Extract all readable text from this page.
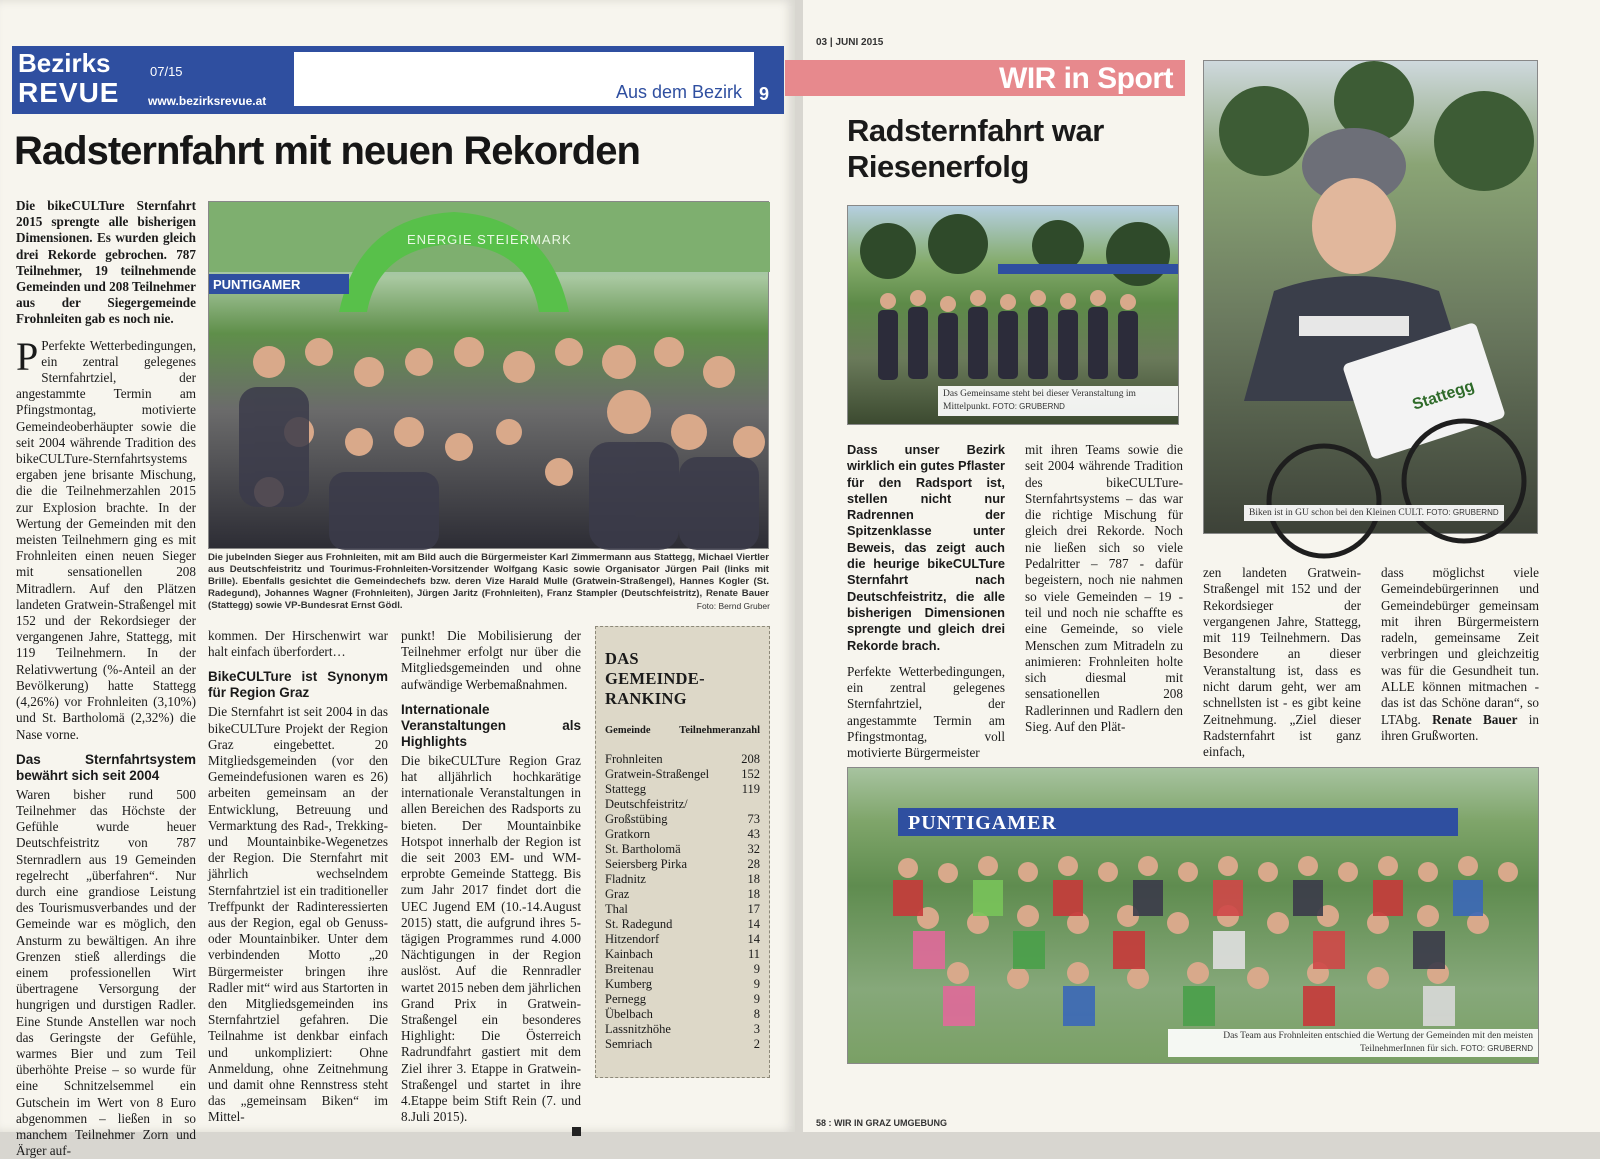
Bezirks
REVUE
07/15
www.bezirksrevue.at	Aus dem Bezirk 9
Radsternfahrt mit neuen Rekorden

Die bikeCULTure Sternfahrt 2015 sprengte alle bisherigen Dimensionen. Es wurden gleich drei Rekorde gebrochen. 787 Teilnehmer, 19 teilnehmende Gemeinden und 208 Teilnehmer aus der Siegergemeinde Frohnleiten gab es noch nie.

P Perfekte Wetterbedingungen, ein zentral gelegenes Sternfahrtziel, der angestammte Termin am Pfingstmontag, motivierte Gemeindeoberhäupter sowie die seit 2004 währende Tradition des bikeCULTure-Sternfahrtsystems ergaben jene brisante Mischung, die die Teilnehmerzahlen 2015 zur Explosion brachte. In der Wertung der Gemeinden mit den meisten Teilnehmern ging es mit Frohnleiten einen neuen Sieger mit sensationellen 208 Mitradlern. Auf den Plätzen landeten Gratwein-Straßengel mit 152 und der Rekordsieger der vergangenen Jahre, Stattegg, mit 119 Teilnehmern. In der Relativwertung (%-Anteil an der Bevölkerung) hatte Stattegg (4,26%) vor Frohnleiten (3,10%) und St. Bartholomä (2,32%) die Nase vorne.

Das Sternfahrtsystem bewährt sich seit 2004

Waren bisher rund 500 Teilnehmer das Höchste der Gefühle wurde heuer Deutschfeistritz von 787 Sternradlern aus 19 Gemeinden regelrecht „überfahren“. Nur durch eine grandiose Leistung des Tourismusverbandes und der Gemeinde war es möglich, den Ansturm zu bewältigen. An ihre Grenzen stieß allerdings die einem professionellen Wirt übertragene Versorgung der hungrigen und durstigen Radler. Eine Stunde Anstellen war noch das Geringste der Gefühle, warmes Bier und zum Teil überhöhte Preise – so wurde für eine Schnitzelsemmel ein Gutschein im Wert von 8 Euro abgenommen – ließen in so manchem Teilnehmer Zorn und Ärger auf-

PUNTIGAMER
ENERGIE STEIERMARK
Die jubelnden Sieger aus Frohnleiten, mit am Bild auch die Bürgermeister Karl Zimmermann aus Stattegg, Michael Viertler aus Deutschfeistritz und Tourimus-Frohnleiten-Vorsitzender Wolfgang Kasic sowie Organisator Jürgen Pail (links mit Brille). Ebenfalls gesichtet die Gemeindechefs bzw. deren Vize Harald Mulle (Gratwein-Straßengel), Hannes Kogler (St. Radegund), Johannes Wagner (Frohnleiten), Jürgen Jaritz (Frohnleiten), Franz Stampler (Deutschfeistritz), Renate Bauer (Stattegg) sowie VP-Bundesrat Ernst Gödl.	Foto: Bernd Gruber

kommen. Der Hirschenwirt war halt einfach überfordert…

BikeCULTure ist Synonym für Region Graz

Die Sternfahrt ist seit 2004 in das bikeCULTure Projekt der Region Graz eingebettet. 20 Mitgliedsgemeinden (vor den Gemeindefusionen waren es 26) arbeiten gemeinsam an der Entwicklung, Betreuung und Vermarktung des Rad-, Trekking- und Mountainbike-Wegenetzes der Region. Die Sternfahrt mit jährlich wechselndem Sternfahrtziel ist ein traditioneller Treffpunkt der Radinteressierten aus der Region, egal ob Genuss- oder Mountainbiker. Unter dem verbindenden Motto „20 Bürgermeister bringen ihre Radler mit“ wird aus Startorten in den Mitgliedsgemeinden ins Sternfahrtziel gefahren. Die Teilnahme ist denkbar einfach und unkompliziert: Ohne Anmeldung, ohne Zeitnehmung und damit ohne Rennstress steht das „gemeinsam Biken“ im Mittel-

punkt! Die Mobilisierung der Teilnehmer erfolgt nur über die Mitgliedsgemeinden und ohne aufwändige Werbemaßnahmen.

Internationale Veranstaltungen als Highlights

Die bikeCULTure Region Graz hat alljährlich hochkarätige internationale Veranstaltungen in allen Bereichen des Radsports zu bieten. Der Mountainbike Hotspot innerhalb der Region ist die seit 2003 EM- und WM-erprobte Gemeinde Stattegg. Bis zum Jahr 2017 findet dort die UEC Jugend EM (10.-14.August 2015) statt, die aufgrund ihres 5-tägigen Programmes rund 4.000 Nächtigungen in der Region auslöst. Auf die Rennradler wartet 2015 neben dem jährlichen Grand Prix in Gratwein-Straßengel ein besonderes Highlight: Die Österreich Radrundfahrt gastiert mit dem Ziel ihrer 3. Etappe in Gratwein-Straßengel und startet in ihre 4.Etappe beim Stift Rein (7. und 8.Juli 2015).

DAS GEMEINDE-RANKING
Gemeinde	Teilnehmeranzahl
Frohnleiten	208
Gratwein-Straßengel	152
Stattegg	119
Deutschfeistritz/	
Großstübing	73
Gratkorn	43
St. Bartholomä	32
Seiersberg Pirka	28
Fladnitz	18
Graz	18
Thal	17
St. Radegund	14
Hitzendorf	14
Kainbach	11
Breitenau	9
Kumberg	9
Pernegg	9
Übelbach	8
Lassnitzhöhe	3
Semriach	2
03 | JUNI 2015
WIR in Sport
Radsternfahrt war
Riesenerfolg
Das Gemeinsame steht bei dieser Veranstaltung im Mittelpunkt. FOTO: GRUBERND	Stattegg
Biken ist in GU schon bei den Kleinen CULT. FOTO: GRUBERND

Dass unser Bezirk wirklich ein gutes Pflaster für den Radsport ist, stellen nicht nur Radrennen der Spitzenklasse unter Beweis, das zeigt auch die heurige bikeCULTure Sternfahrt nach Deutschfeistritz, die alle bisherigen Dimensionen sprengte und gleich drei Rekorde brach.

Perfekte Wetterbedingungen, ein zentral gelegenes Sternfahrtziel, der angestammte Termin am Pfingstmontag, voll motivierte Bürgermeister

mit ihren Teams sowie die seit 2004 währende Tradition des bikeCULTure-Sternfahrtsystems – das war die richtige Mischung für gleich drei Rekorde. Noch nie ließen sich so viele Pedalritter – 787 - dafür begeistern, noch nie nahmen so viele Gemeinden – 19 - teil und noch nie schaffte es eine Gemeinde, so viele Menschen zum Mitradeln zu animieren: Frohnleiten holte sich diesmal mit sensationellen 208 Radlerinnen und Radlern den Sieg. Auf den Plät-

zen landeten Gratwein-Straßengel mit 152 und der Rekordsieger der vergangenen Jahre, Stattegg, mit 119 Teilnehmern. Das Besondere an dieser Veranstaltung ist, dass es nicht darum geht, wer am schnellsten ist - es gibt keine Zeitnehmung. „Ziel dieser Radsternfahrt ist ganz einfach,

dass möglichst viele Gemeindebürgerinnen und Gemeindebürger gemeinsam mit ihren Bürgermeistern radeln, gemeinsame Zeit verbringen und gleichzeitig was für die Gesundheit tun. ALLE können mitmachen - das ist das Schöne daran“, so LTAbg. Renate Bauer in ihren Grußworten.

PUNTIGAMER
Das Team aus Frohnleiten entschied die Wertung der Gemeinden mit den meisten TeilnehmerInnen für sich. FOTO: GRUBERND
58 : WIR IN GRAZ UMGEBUNG
